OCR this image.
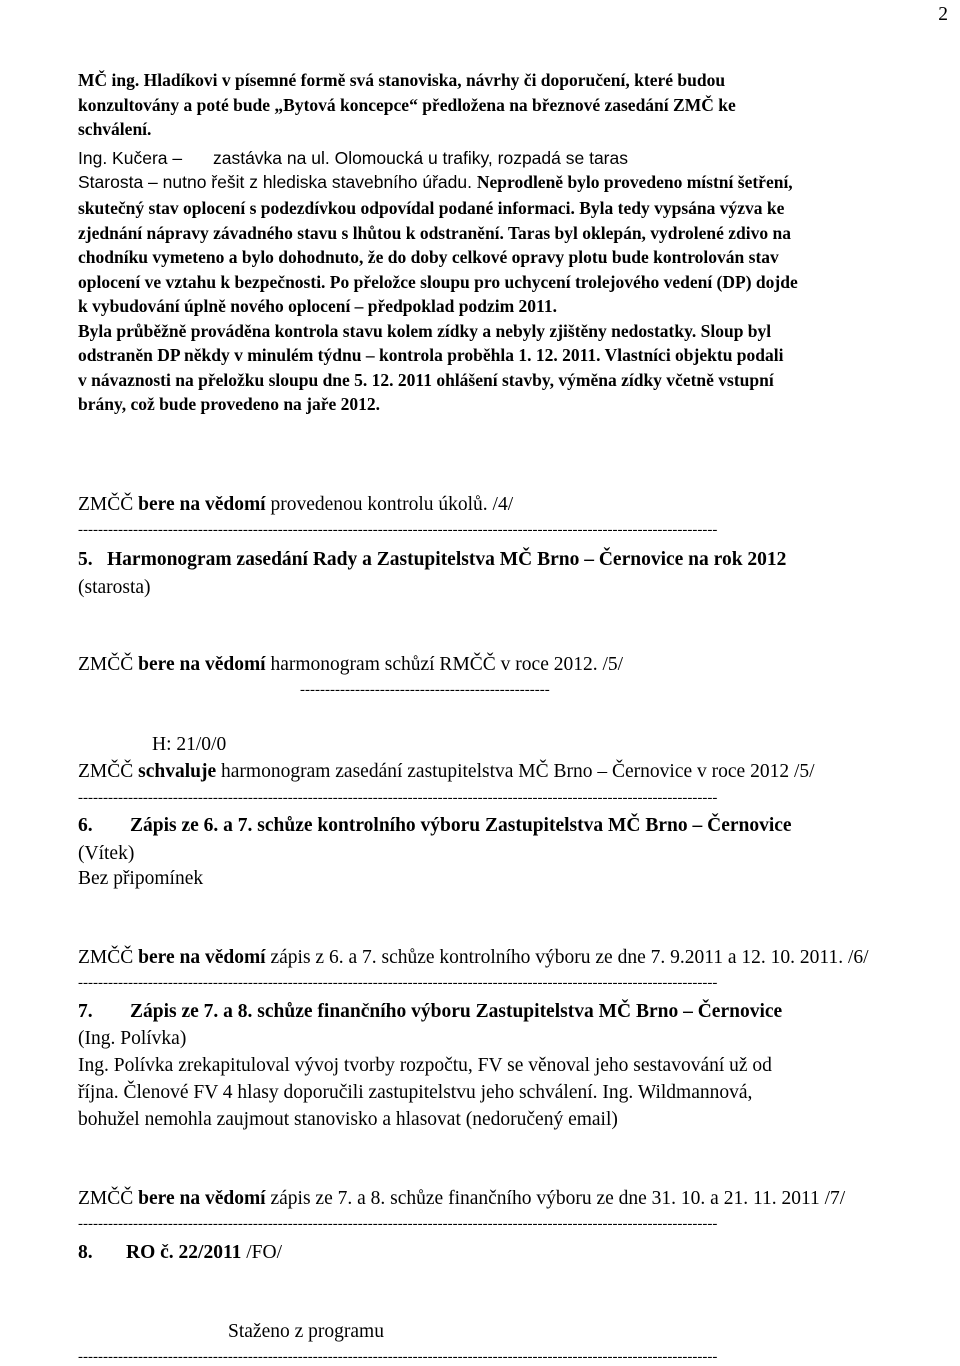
2
MČ ing. Hladíkovi v písemné formě svá stanoviska, návrhy či doporučení, které budou
konzultovány a poté bude „Bytová koncepce“ předložena na březnové zasedání ZMČ ke
schválení.
Ing. Kučera – zastávka na ul. Olomoucká u trafiky, rozpadá se taras
Starosta – nutno řešit z hlediska stavebního úřadu. Neprodleně bylo provedeno místní šetření,
skutečný stav oplocení s podezdívkou odpovídal podané informaci. Byla tedy vypsána výzva ke
zjednání nápravy závadného stavu s lhůtou k odstranění. Taras byl oklepán, vydrolené zdivo na
chodníku vymeteno a bylo dohodnuto, že do doby celkové opravy plotu bude kontrolován stav
oplocení ve vztahu k bezpečnosti. Po přeložce sloupu pro uchycení trolejového vedení (DP) dojde
k vybudování úplně nového oplocení – předpoklad podzim 2011.
Byla průběžně prováděna kontrola stavu kolem zídky a nebyly zjištěny nedostatky. Sloup byl
odstraněn DP někdy v minulém týdnu – kontrola proběhla 1. 12. 2011. Vlastníci objektu podali
v návaznosti na přeložku sloupu dne 5. 12. 2011 ohlášení stavby, výměna zídky včetně vstupní
brány, což bude provedeno na jaře 2012.
ZMČČ bere na vědomí provedenou kontrolu úkolů. /4/
--------------------------------------------------------------------------------------------------------------------------------
5. Harmonogram zasedání Rady a Zastupitelstva MČ Brno – Černovice na rok 2012
(starosta)
ZMČČ bere na vědomí harmonogram schůzí RMČČ v roce 2012. /5/
--------------------------------------------------
H: 21/0/0
ZMČČ schvaluje harmonogram zasedání zastupitelstva MČ Brno – Černovice v roce 2012 /5/
--------------------------------------------------------------------------------------------------------------------------------
6.	Zápis ze 6. a 7. schůze kontrolního výboru Zastupitelstva MČ Brno – Černovice
(Vítek)
Bez připomínek
ZMČČ bere na vědomí zápis z 6. a 7. schůze kontrolního výboru ze dne 7. 9.2011 a 12. 10. 2011. /6/
--------------------------------------------------------------------------------------------------------------------------------
7.	Zápis ze 7. a 8. schůze finančního výboru Zastupitelstva MČ Brno – Černovice
(Ing. Polívka)
Ing. Polívka zrekapituloval vývoj tvorby rozpočtu, FV se věnoval jeho sestavování už od
října. Členové FV 4 hlasy doporučili zastupitelstvu jeho schválení. Ing. Wildmannová,
bohužel nemohla zaujmout stanovisko a hlasovat (nedoručený email)
ZMČČ bere na vědomí zápis ze 7. a 8. schůze finančního výboru ze dne 31. 10. a 21. 11. 2011 /7/
--------------------------------------------------------------------------------------------------------------------------------
8.	RO č. 22/2011 /FO/
Staženo z programu
--------------------------------------------------------------------------------------------------------------------------------
